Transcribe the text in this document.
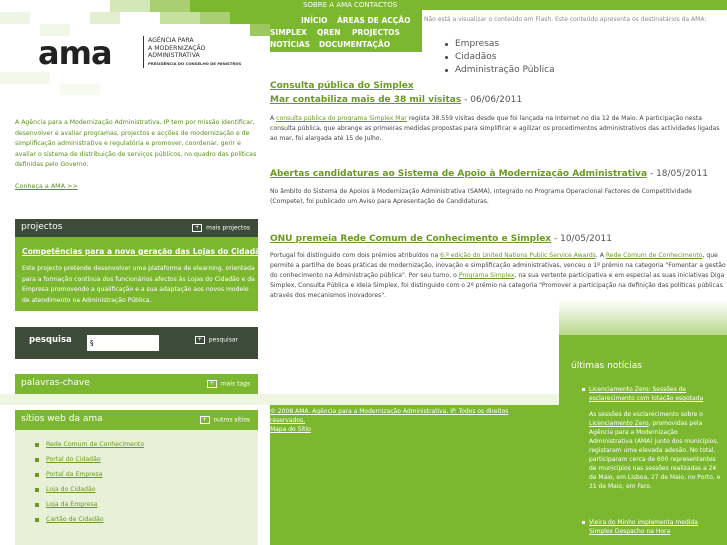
SOBRE A AMA CONTACTOS
INÍCIO ÁREAS DE ACÇÃO
SIMPLEX QREN PROJECTOS
NOTÍCIAS DOCUMENTAÇÃO
Não está a visualizar o conteúdo em Flash. Este conteúdo apresenta os destinatários da AMA:
ama	AGÊNCIA PARA
A MODERNIZAÇÃO
ADMINISTRATIVA
PRESIDÊNCIA DO CONSELHO DE MINISTROS
Empresas
Cidadãos
Administração Pública
A Agência para a Modernização Administrativa, IP tem por missão identificar, desenvolver e avaliar programas, projectos e acções de modernização e de simplificação administrativa e regulatória e promover, coordenar, gerir e avaliar o sistema de distribuição de serviços públicos, no quadro das políticas definidas pelo Governo.
Conheça a AMA >>
projectos	+ mais projectos
Competências para a nova geração das Lojas do Cidadão
Este projecto pretende desenvolver uma plataforma de elearning, orientada para a formação contínua dos funcionários afectos às Lojas do Cidadão e da Empresa promovendo a qualificação e a sua adaptação aos novos modelo de atendimento na Administração Pública.
pesquisa
§	+ pesquisar
palavras-chave	+ mais tags
sítios web da ama	+ outros sítios
Rede Comum de Conhecimento
Portal do Cidadão
Portal da Empresa
Loja do Cidadão
Loja da Empresa
Cartão de Cidadão
Consulta pública do Simplex
Mar contabiliza mais de 38 mil visitas - 06/06/2011
A consulta pública do programa Simplex Mar regista 38.559 visitas desde que foi lançada na Internet no dia 12 de Maio. A participação nesta consulta pública, que abrange as primeiras medidas propostas para simplificar e agilizar os procedimentos administrativos das actividades ligadas ao mar, foi alargada até 15 de Julho.
Abertas candidaturas ao Sistema de Apoio à Modernização Administrativa - 18/05/2011
No âmbito do Sistema de Apoios à Modernização Administrativa (SAMA), integrado no Programa Operacional Factores de Competitividade (Compete), foi publicado um Aviso para Apresentação de Candidaturas.
ONU premeia Rede Comum de Conhecimento e Simplex - 10/05/2011
Portugal foi distinguido com dois prémios atribuídos na 6.ª edição do United Nations Public Service Awards. A Rede Comum de Conhecimento, que permite a partilha de boas práticas de modernização, inovação e simplificação administrativas, venceu o 1º prémio na categoria "Fomentar a gestão do conhecimento na Administração pública". Por seu turno, o Programa Simplex, na sua vertente participativa e em especial as suas iniciativas Diga Simplex, Consulta Pública e Ideia Simplex, foi distinguido com o 2º prémio na categoria "Promover a participação na definição das políticas públicas através dos mecanismos inovadores".
últimas notícias
Licenciamento Zero: Sessões de esclarecimento com lotação esgotada
As sessões de esclarecimento sobre o Licenciamento Zero, promovidas pela Agência para a Modernização Administrativa (AMA) junto dos municípios, registaram uma elevada adesão. No total, participaram cerca de 600 representantes de municípios nas sessões realizadas a 24 de Maio, em Lisboa, 27 de Maio, no Porto, e 31 de Maio, em Faro.
Vieira do Minho implementa medida Simplex Despacho na Hora
© 2008 AMA. Agência para a Modernização Administrativa, IP. Todos os direitos reservados.
Mapa do Sítio
